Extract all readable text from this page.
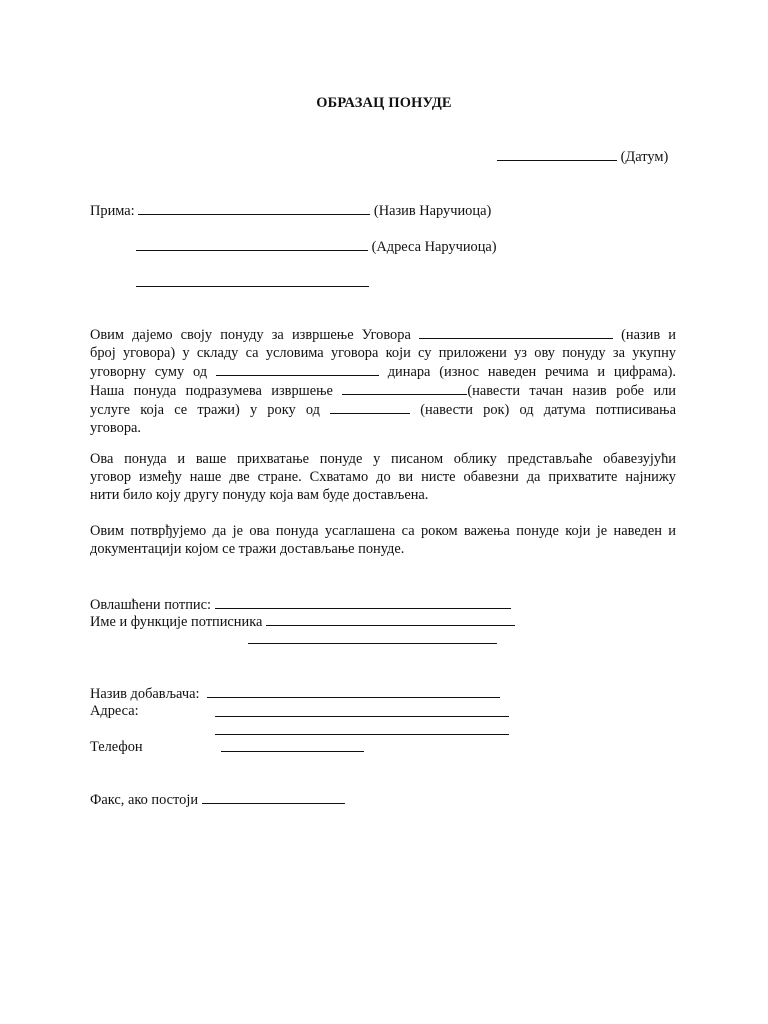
ОБРАЗАЦ ПОНУДЕ
(Датум)
Прима:	(Назив Наручиоца)
(Адреса Наручиоца)
Овим дајемо своју понуду за извршење Уговора	(назив и
број уговора) у складу са условима уговора који су приложени уз ову понуду за укупну
уговорну суму од	динара (износ наведен речима и цифрама).
Наша понуда подразумева извршење	(навести тачан назив робе или
услуге која се тражи) у року од	(навести рок) од датума потписивања
уговора.
Ова понуда и ваше прихватање понуде у писаном облику представљаће обавезујући
уговор између наше две стране. Схватамо до ви нисте обавезни да прихватите најнижу
нити било коју другу понуду која вам буде достављена.
Овим потврђујемо да је ова понуда усаглашена са роком важења понуде који је наведен и
документацији којом се тражи достављање понуде.
Овлашћени потпис:
Име и функције потписника
Назив добављача:
Адреса:
Телефон
Факс, ако постоји
